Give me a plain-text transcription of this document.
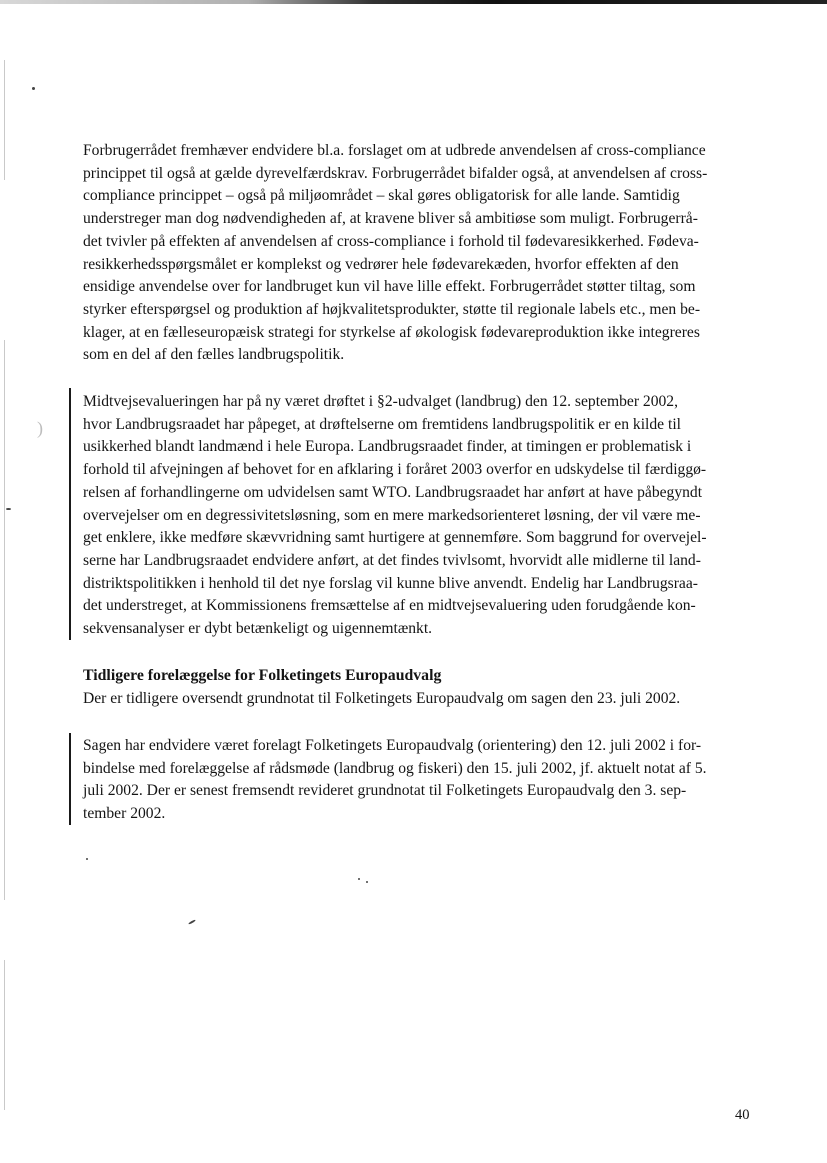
)

Forbrugerrådet fremhæver endvidere bl.a. forslaget om at udbrede anvendelsen af cross-compliance
princippet til også at gælde dyrevelfærdskrav. Forbrugerrådet bifalder også, at anvendelsen af cross-
compliance princippet – også på miljøområdet – skal gøres obligatorisk for alle lande. Samtidig
understreger man dog nødvendigheden af, at kravene bliver så ambitiøse som muligt. Forbrugerrå-
det tvivler på effekten af anvendelsen af cross-compliance i forhold til fødevaresikkerhed. Fødeva-
resikkerhedsspørgsmålet er komplekst og vedrører hele fødevarekæden, hvorfor effekten af den
ensidige anvendelse over for landbruget kun vil have lille effekt. Forbrugerrådet støtter tiltag, som
styrker efterspørgsel og produktion af højkvalitetsprodukter, støtte til regionale labels etc., men be-
klager, at en fælleseuropæisk strategi for styrkelse af økologisk fødevareproduktion ikke integreres
som en del af den fælles landbrugspolitik.

Midtvejsevalueringen har på ny været drøftet i §2-udvalget (landbrug) den 12. september 2002,
hvor Landbrugsraadet har påpeget, at drøftelserne om fremtidens landbrugspolitik er en kilde til
usikkerhed blandt landmænd i hele Europa. Landbrugsraadet finder, at timingen er problematisk i
forhold til afvejningen af behovet for en afklaring i foråret 2003 overfor en udskydelse til færdiggø-
relsen af forhandlingerne om udvidelsen samt WTO. Landbrugsraadet har anført at have påbegyndt
overvejelser om en degressivitetsløsning, som en mere markedsorienteret løsning, der vil være me-
get enklere, ikke medføre skævvridning samt hurtigere at gennemføre. Som baggrund for overvejel-
serne har Landbrugsraadet endvidere anført, at det findes tvivlsomt, hvorvidt alle midlerne til land-
distriktspolitikken i henhold til det nye forslag vil kunne blive anvendt. Endelig har Landbrugsraa-
det understreget, at Kommissionens fremsættelse af en midtvejsevaluering uden forudgående kon-
sekvensanalyser er dybt betænkeligt og uigennemtænkt.

Tidligere forelæggelse for Folketingets Europaudvalg

Der er tidligere oversendt grundnotat til Folketingets Europaudvalg om sagen den 23. juli 2002.

Sagen har endvidere været forelagt Folketingets Europaudvalg (orientering) den 12. juli 2002 i for-
bindelse med forelæggelse af rådsmøde (landbrug og fiskeri) den 15. juli 2002, jf. aktuelt notat af 5.
juli 2002. Der er senest fremsendt revideret grundnotat til Folketingets Europaudvalg den 3. sep-
tember 2002.

40
